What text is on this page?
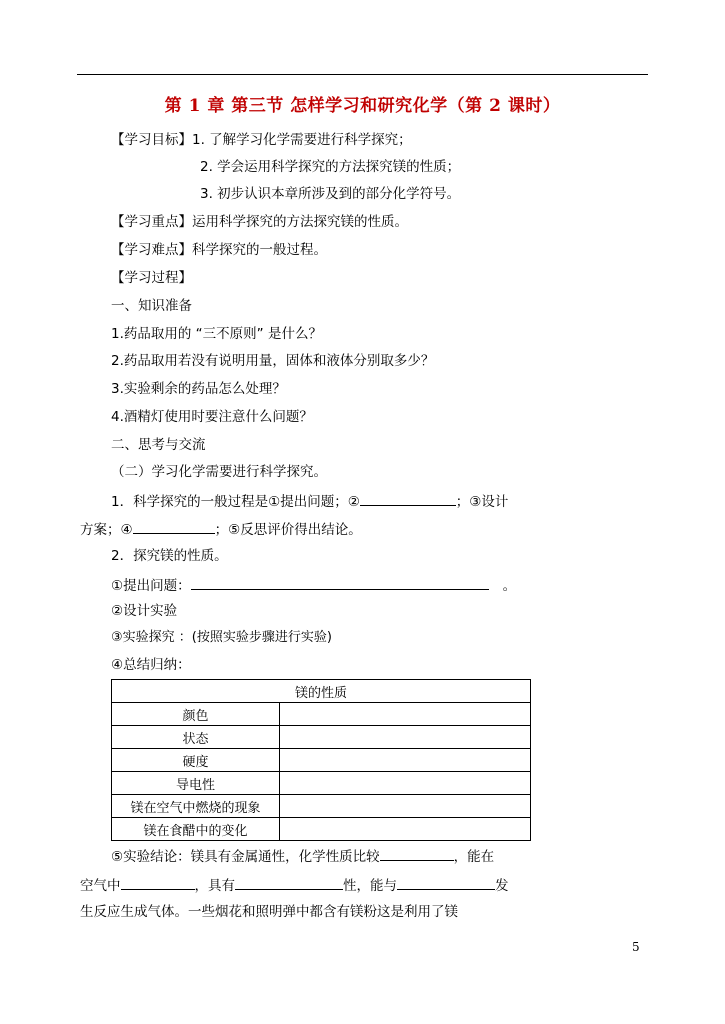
第 1 章 第三节 怎样学习和研究化学（第 2 课时）
【学习目标】1. 了解学习化学需要进行科学探究；
2. 学会运用科学探究的方法探究镁的性质；
3. 初步认识本章所涉及到的部分化学符号。
【学习重点】运用科学探究的方法探究镁的性质。
【学习难点】科学探究的一般过程。
【学习过程】
一、知识准备
1.药品取用的 “三不原则” 是什么？
2.药品取用若没有说明用量，固体和液体分别取多少？
3.实验剩余的药品怎么处理？
4.酒精灯使用时要注意什么问题？
二、思考与交流
（二）学习化学需要进行科学探究。
1．科学探究的一般过程是①提出问题；②	；③设计
方案；④	；⑤反思评价得出结论。
2．探究镁的性质。
①提出问题：	。
②设计实验
③实验探究 ：(按照实验步骤进行实验)
④总结归纳：
镁的性质	
颜色	
状态	
硬度	
导电性	
镁在空气中燃烧的现象	
镁在食醋中的变化	
⑤实验结论：镁具有金属通性，化学性质比较	，能在
空气中	，具有	性，能与	发
生反应生成气体。一些烟花和照明弹中都含有镁粉这是利用了镁
5
